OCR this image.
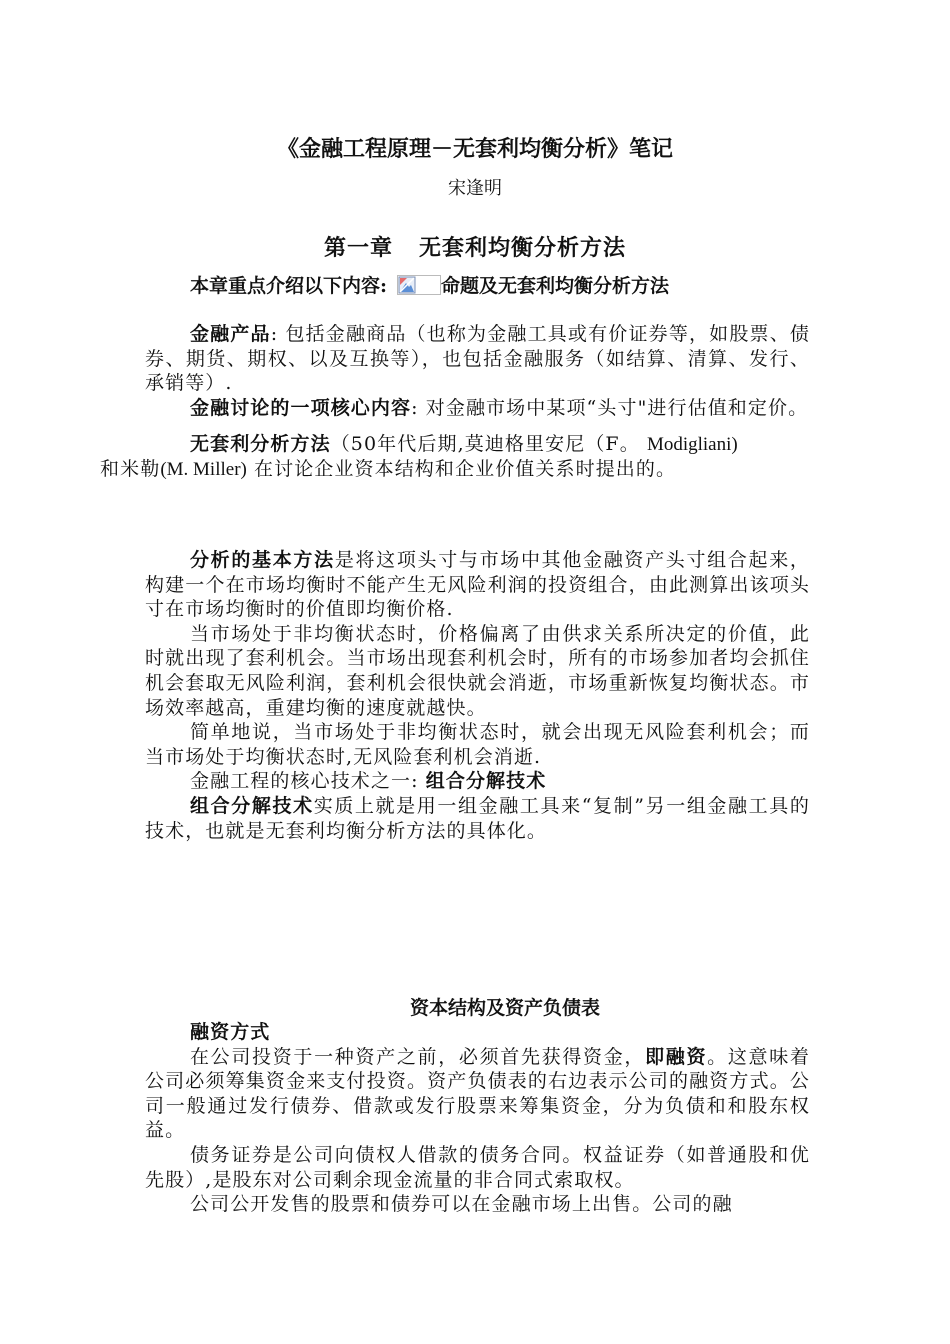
《金融工程原理－无套利均衡分析》笔记
宋逢明
第一章 无套利均衡分析方法
本章重点介绍以下内容:	命题及无套利均衡分析方法

金融产品: 包括金融商品（也称为金融工具或有价证券等，如股票、债券、期货、期权、以及互换等），也包括金融服务（如结算、清算、发行、承销等）.

金融讨论的一项核心内容: 对金融市场中某项“头寸"进行估值和定价。

无套利分析方法（50年代后期,莫迪格里安尼（F。 Modigliani)
和米勒(M. Miller) 在讨论企业资本结构和企业价值关系时提出的。

分析的基本方法是将这项头寸与市场中其他金融资产头寸组合起来，构建一个在市场均衡时不能产生无风险利润的投资组合，由此测算出该项头寸在市场均衡时的价值即均衡价格.

当市场处于非均衡状态时，价格偏离了由供求关系所决定的价值，此时就出现了套利机会。当市场出现套利机会时，所有的市场参加者均会抓住机会套取无风险利润，套利机会很快就会消逝，市场重新恢复均衡状态。市场效率越高，重建均衡的速度就越快。

简单地说，当市场处于非均衡状态时，就会出现无风险套利机会；而当市场处于均衡状态时,无风险套利机会消逝.

金融工程的核心技术之一: 组合分解技术

组合分解技术实质上就是用一组金融工具来“复制”另一组金融工具的技术，也就是无套利均衡分析方法的具体化。

资本结构及资产负债表

融资方式

在公司投资于一种资产之前，必须首先获得资金，即融资。这意味着公司必须筹集资金来支付投资。资产负债表的右边表示公司的融资方式。公司一般通过发行债券、借款或发行股票来筹集资金，分为负债和和股东权益。

债务证券是公司向债权人借款的债务合同。权益证券（如普通股和优先股）,是股东对公司剩余现金流量的非合同式索取权。

公司公开发售的股票和债券可以在金融市场上出售。公司的融
